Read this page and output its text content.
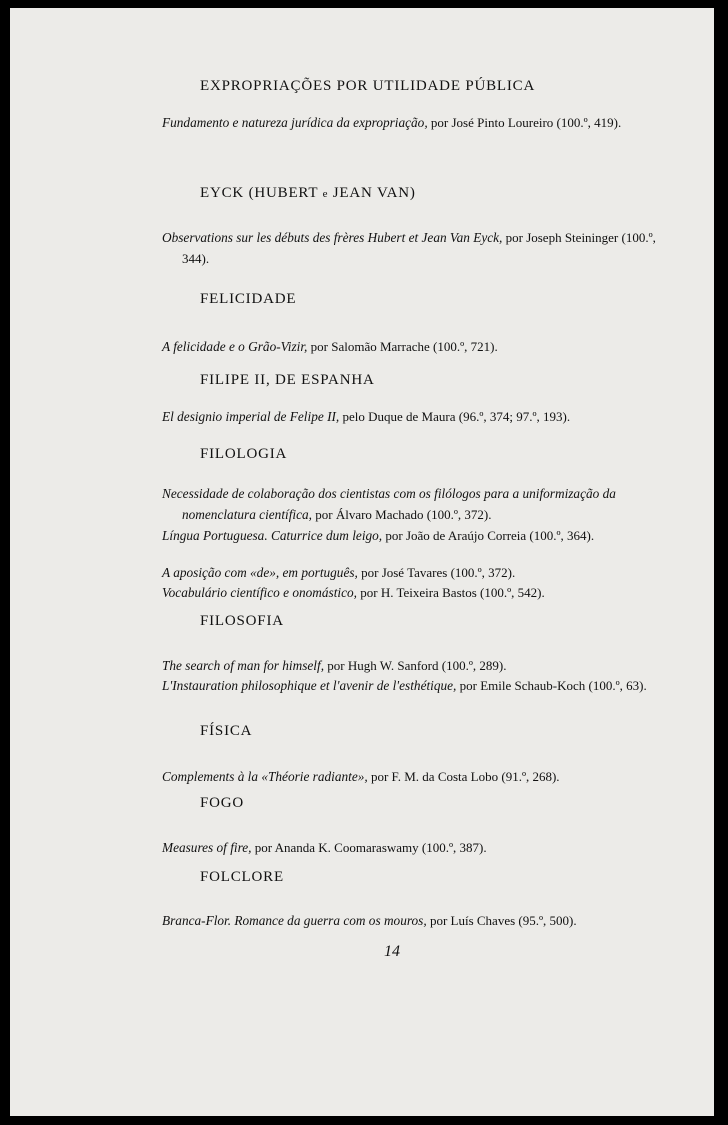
EXPROPRIAÇÕES POR UTILIDADE PÚBLICA
Fundamento e natureza jurídica da expropriação, por José Pinto Loureiro (100.º, 419).
EYCK (HUBERT e JEAN VAN)
Observations sur les débuts des frères Hubert et Jean Van Eyck, por Joseph Steininger (100.º, 344).
FELICIDADE
A felicidade e o Grão-Vizir, por Salomão Marrache (100.º, 721).
FILIPE II, DE ESPANHA
El designio imperial de Felipe II, pelo Duque de Maura (96.º, 374; 97.º, 193).
FILOLOGIA
Necessidade de colaboração dos cientistas com os filólogos para a uniformização da nomenclatura científica, por Álvaro Machado (100.º, 372).
Língua Portuguesa. Caturrice dum leigo, por João de Araújo Correia (100.º, 364).
A aposição com «de», em português, por José Tavares (100.º, 372).
Vocabulário científico e onomástico, por H. Teixeira Bastos (100.º, 542).
FILOSOFIA
The search of man for himself, por Hugh W. Sanford (100.º, 289).
L'Instauration philosophique et l'avenir de l'esthétique, por Emile Schaub-Koch (100.º, 63).
FÍSICA
Complements à la «Théorie radiante», por F. M. da Costa Lobo (91.º, 268).
FOGO
Measures of fire, por Ananda K. Coomaraswamy (100.º, 387).
FOLCLORE
Branca-Flor. Romance da guerra com os mouros, por Luís Chaves (95.º, 500).
14
